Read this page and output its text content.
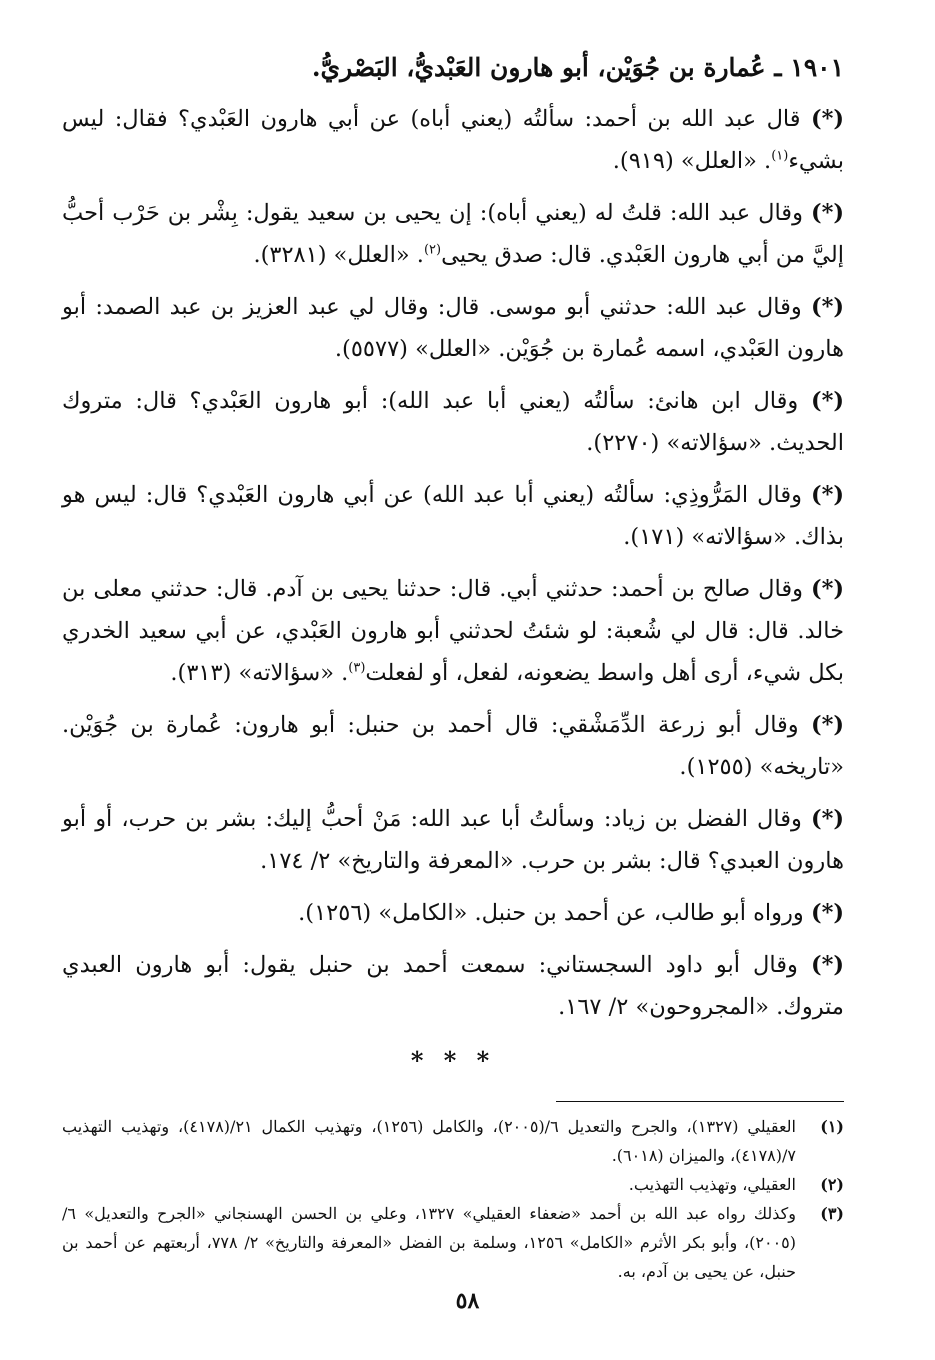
١٩٠١ ـ عُمارة بن جُوَيْن، أبو هارون العَبْديُّ، البَصْريُّ.
(*) قال عبد الله بن أحمد: سألتُه (يعني أباه) عن أبي هارون العَبْدي؟ فقال: ليس بشيء$^{(١)}$. «العلل» (٩١٩).
(*) وقال عبد الله: قلتُ له (يعني أباه): إن يحيى بن سعيد يقول: بِشْر بن حَرْب أحبُّ إليَّ من أبي هارون العَبْدي. قال: صدق يحيى$^{(٢)}$. «العلل» (٣٢٨١).
(*) وقال عبد الله: حدثني أبو موسى. قال: وقال لي عبد العزيز بن عبد الصمد: أبو هارون العَبْدي، اسمه عُمارة بن جُوَيْن. «العلل» (٥٥٧٧).
(*) وقال ابن هانئ: سألتُه (يعني أبا عبد الله): أبو هارون العَبْدي؟ قال: متروك الحديث. «سؤالاته» (٢٢٧٠).
(*) وقال المَرُّوذِي: سألتُه (يعني أبا عبد الله) عن أبي هارون العَبْدي؟ قال: ليس هو بذاك. «سؤالاته» (١٧١).
(*) وقال صالح بن أحمد: حدثني أبي. قال: حدثنا يحيى بن آدم. قال: حدثني معلى بن خالد. قال: قال لي شُعبة: لو شئتُ لحدثني أبو هارون العَبْدي، عن أبي سعيد الخدري بكل شيء، أرى أهل واسط يضعونه، لفعل، أو لفعلت$^{(٣)}$. «سؤالاته» (٣١٣).
(*) وقال أبو زرعة الدِّمَشْقي: قال أحمد بن حنبل: أبو هارون: عُمارة بن جُوَيْن. «تاريخه» (١٢٥٥).
(*) وقال الفضل بن زياد: وسألتُ أبا عبد الله: مَنْ أحبُّ إليك: بشر بن حرب، أو أبو هارون العبدي؟ قال: بشر بن حرب. «المعرفة والتاريخ» ٢/ ١٧٤.
(*) ورواه أبو طالب، عن أحمد بن حنبل. «الكامل» (١٢٥٦).
(*) وقال أبو داود السجستاني: سمعت أحمد بن حنبل يقول: أبو هارون العبدي متروك. «المجروحون» ٢/ ١٦٧.
* * *
(١)
العقيلي (١٣٢٧)، والجرح والتعديل ٦/(٢٠٠٥)، والكامل (١٢٥٦)، وتهذيب الكمال ٢١/(٤١٧٨)، وتهذيب التهذيب ٧/(٤١٧٨)، والميزان (٦٠١٨).
(٢)
العقيلي، وتهذيب التهذيب.
(٣)
وكذلك رواه عبد الله بن أحمد «ضعفاء العقيلي» ١٣٢٧، وعلي بن الحسن الهسنجاني «الجرح والتعديل» ٦/ (٢٠٠٥)، وأبو بكر الأثرم «الكامل» ١٢٥٦، وسلمة بن الفضل «المعرفة والتاريخ» ٢/ ٧٧٨، أربعتهم عن أحمد بن حنبل، عن يحيى بن آدم، به.
٥٨
